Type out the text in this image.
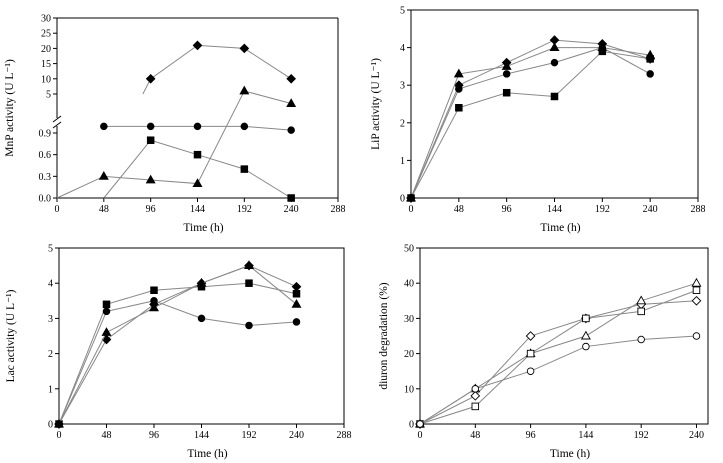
0	48	96	144	192	240	288
0.0
0.3
0.6
0.9
5
10
15
20
25
30
Time (h)
MnP activity (U L⁻¹)
0	48	96	144	192	240	288
0
1
2
3
4
5
Time (h)
LiP activity (U L⁻¹)
0	48	96	144	192	240	288
0
1
2
3
4
5
Time (h)
Lac activity (U L⁻¹)
0	48	96	144	192	240
0
10
20
30
40
50
Time (h)
diuron degradation (%)
